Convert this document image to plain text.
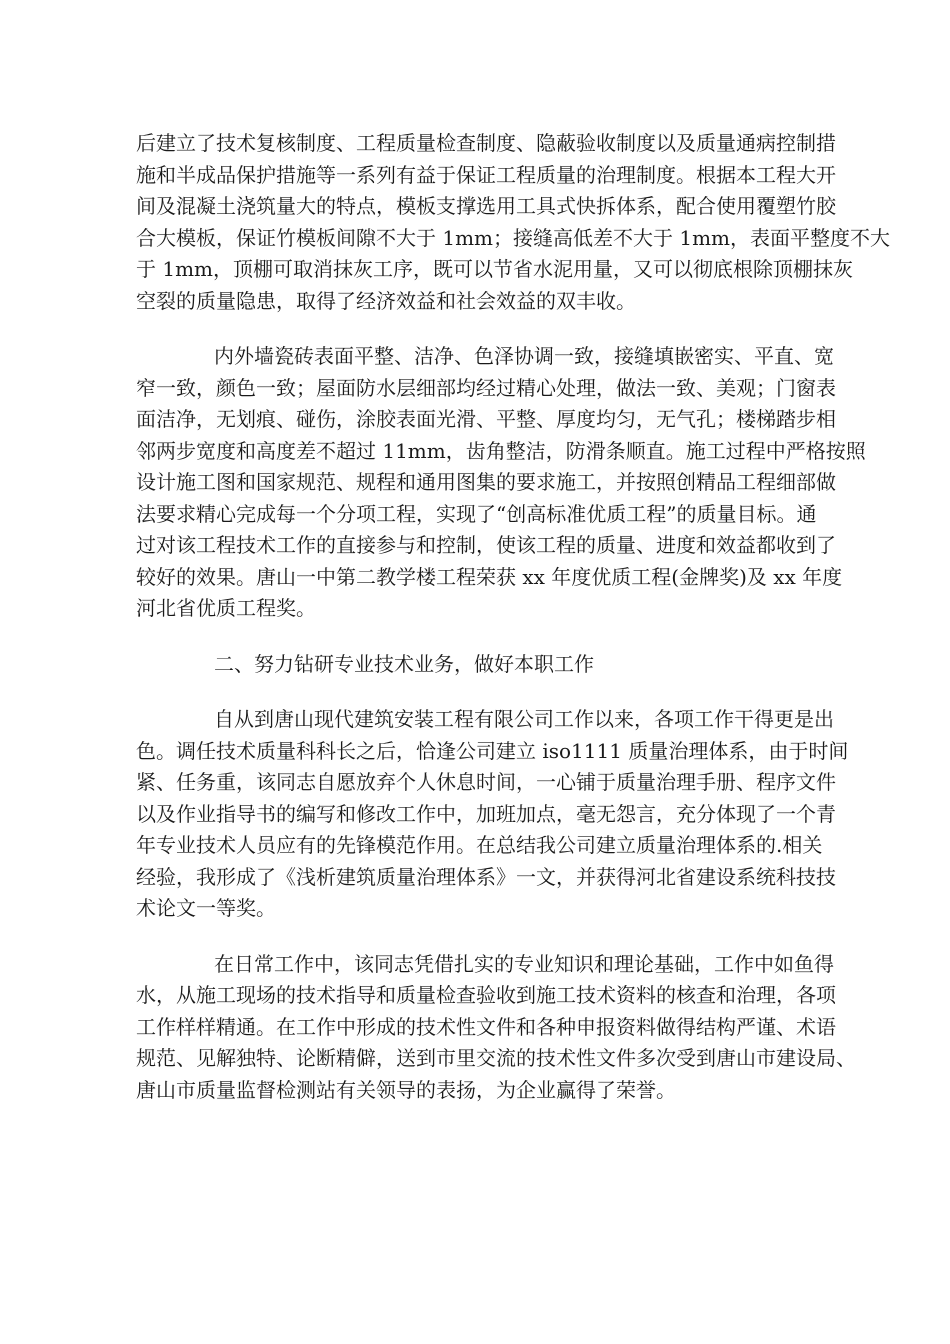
后建立了技术复核制度、工程质量检查制度、隐蔽验收制度以及质量通病控制措
施和半成品保护措施等一系列有益于保证工程质量的治理制度。根据本工程大开
间及混凝土浇筑量大的特点，模板支撑选用工具式快拆体系，配合使用覆塑竹胶
合大模板，保证竹模板间隙不大于 1mm；接缝高低差不大于 1mm，表面平整度不大
于 1mm，顶棚可取消抹灰工序，既可以节省水泥用量，又可以彻底根除顶棚抹灰
空裂的质量隐患，取得了经济效益和社会效益的双丰收。
内外墙瓷砖表面平整、洁净、色泽协调一致，接缝填嵌密实、平直、宽
窄一致，颜色一致；屋面防水层细部均经过精心处理，做法一致、美观；门窗表
面洁净，无划痕、碰伤，涂胶表面光滑、平整、厚度均匀，无气孔；楼梯踏步相
邻两步宽度和高度差不超过 11mm，齿角整洁，防滑条顺直。施工过程中严格按照
设计施工图和国家规范、规程和通用图集的要求施工，并按照创精品工程细部做
法要求精心完成每一个分项工程，实现了“创高标准优质工程”的质量目标。通
过对该工程技术工作的直接参与和控制，使该工程的质量、进度和效益都收到了
较好的效果。唐山一中第二教学楼工程荣获 xx 年度优质工程(金牌奖)及 xx 年度
河北省优质工程奖。
二、努力钻研专业技术业务，做好本职工作
自从到唐山现代建筑安装工程有限公司工作以来，各项工作干得更是出
色。调任技术质量科科长之后，恰逢公司建立 iso1111 质量治理体系，由于时间
紧、任务重，该同志自愿放弃个人休息时间，一心铺于质量治理手册、程序文件
以及作业指导书的编写和修改工作中，加班加点，毫无怨言，充分体现了一个青
年专业技术人员应有的先锋模范作用。在总结我公司建立质量治理体系的.相关
经验，我形成了《浅析建筑质量治理体系》一文，并获得河北省建设系统科技技
术论文一等奖。
在日常工作中，该同志凭借扎实的专业知识和理论基础，工作中如鱼得
水，从施工现场的技术指导和质量检查验收到施工技术资料的核查和治理，各项
工作样样精通。在工作中形成的技术性文件和各种申报资料做得结构严谨、术语
规范、见解独特、论断精僻，送到市里交流的技术性文件多次受到唐山市建设局、
唐山市质量监督检测站有关领导的表扬，为企业赢得了荣誉。
